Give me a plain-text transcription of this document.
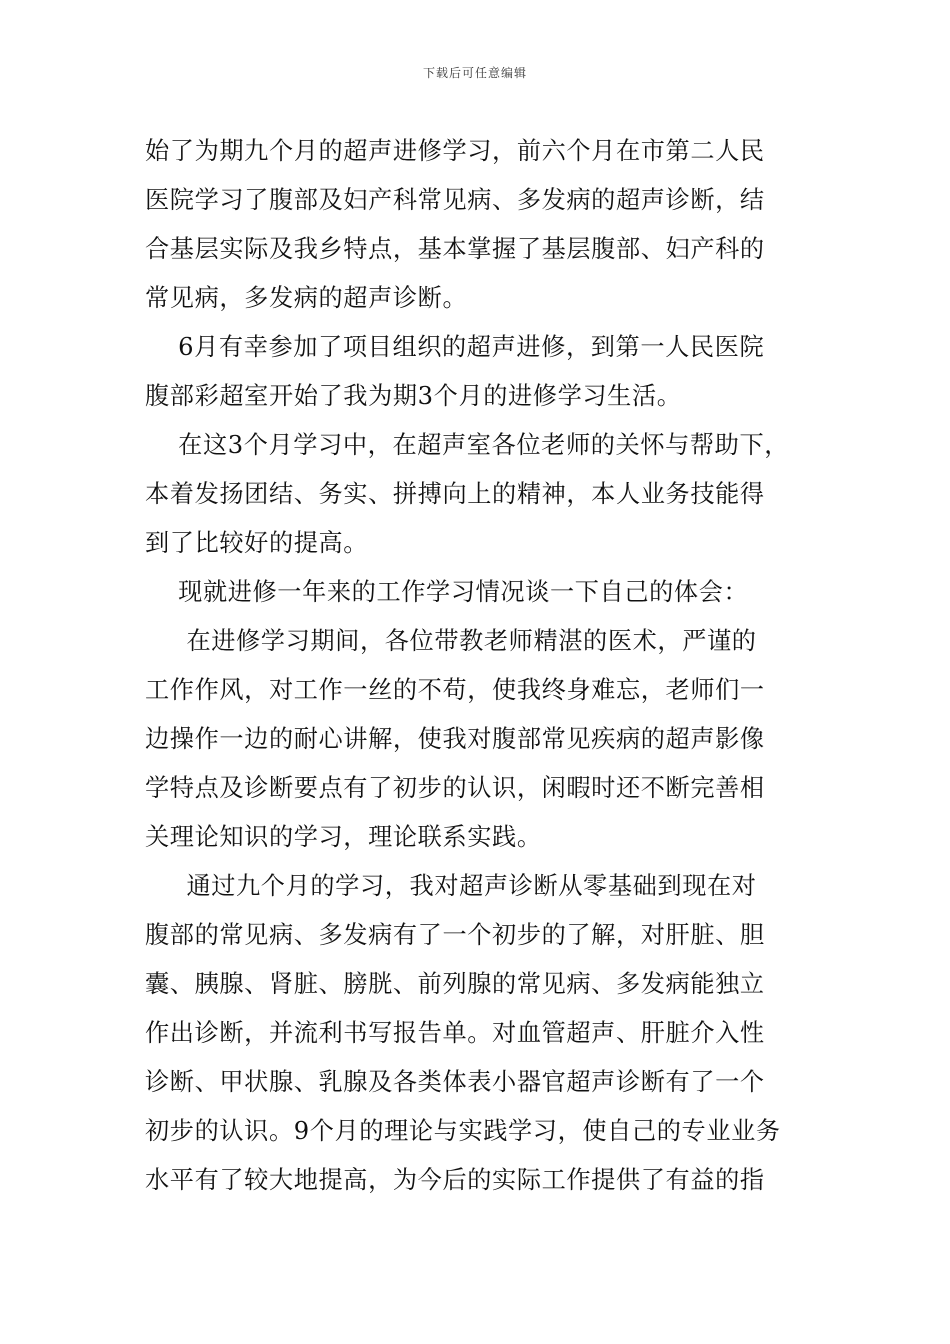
下载后可任意编辑
始了为期九个月的超声进修学习，前六个月在市第二人民
医院学习了腹部及妇产科常见病、多发病的超声诊断，结
合基层实际及我乡特点，基本掌握了基层腹部、妇产科的
常见病，多发病的超声诊断。
6月有幸参加了项目组织的超声进修，到第一人民医院
腹部彩超室开始了我为期3个月的进修学习生活。
在这3个月学习中，在超声室各位老师的关怀与帮助下，
本着发扬团结、务实、拼搏向上的精神，本人业务技能得
到了比较好的提高。
现就进修一年来的工作学习情况谈一下自己的体会：
在进修学习期间，各位带教老师精湛的医术，严谨的
工作作风，对工作一丝的不苟，使我终身难忘，老师们一
边操作一边的耐心讲解，使我对腹部常见疾病的超声影像
学特点及诊断要点有了初步的认识，闲暇时还不断完善相
关理论知识的学习，理论联系实践。
通过九个月的学习，我对超声诊断从零基础到现在对
腹部的常见病、多发病有了一个初步的了解，对肝脏、胆
囊、胰腺、肾脏、膀胱、前列腺的常见病、多发病能独立
作出诊断，并流利书写报告单。对血管超声、肝脏介入性
诊断、甲状腺、乳腺及各类体表小器官超声诊断有了一个
初步的认识。9个月的理论与实践学习，使自己的专业业务
水平有了较大地提高，为今后的实际工作提供了有益的指
